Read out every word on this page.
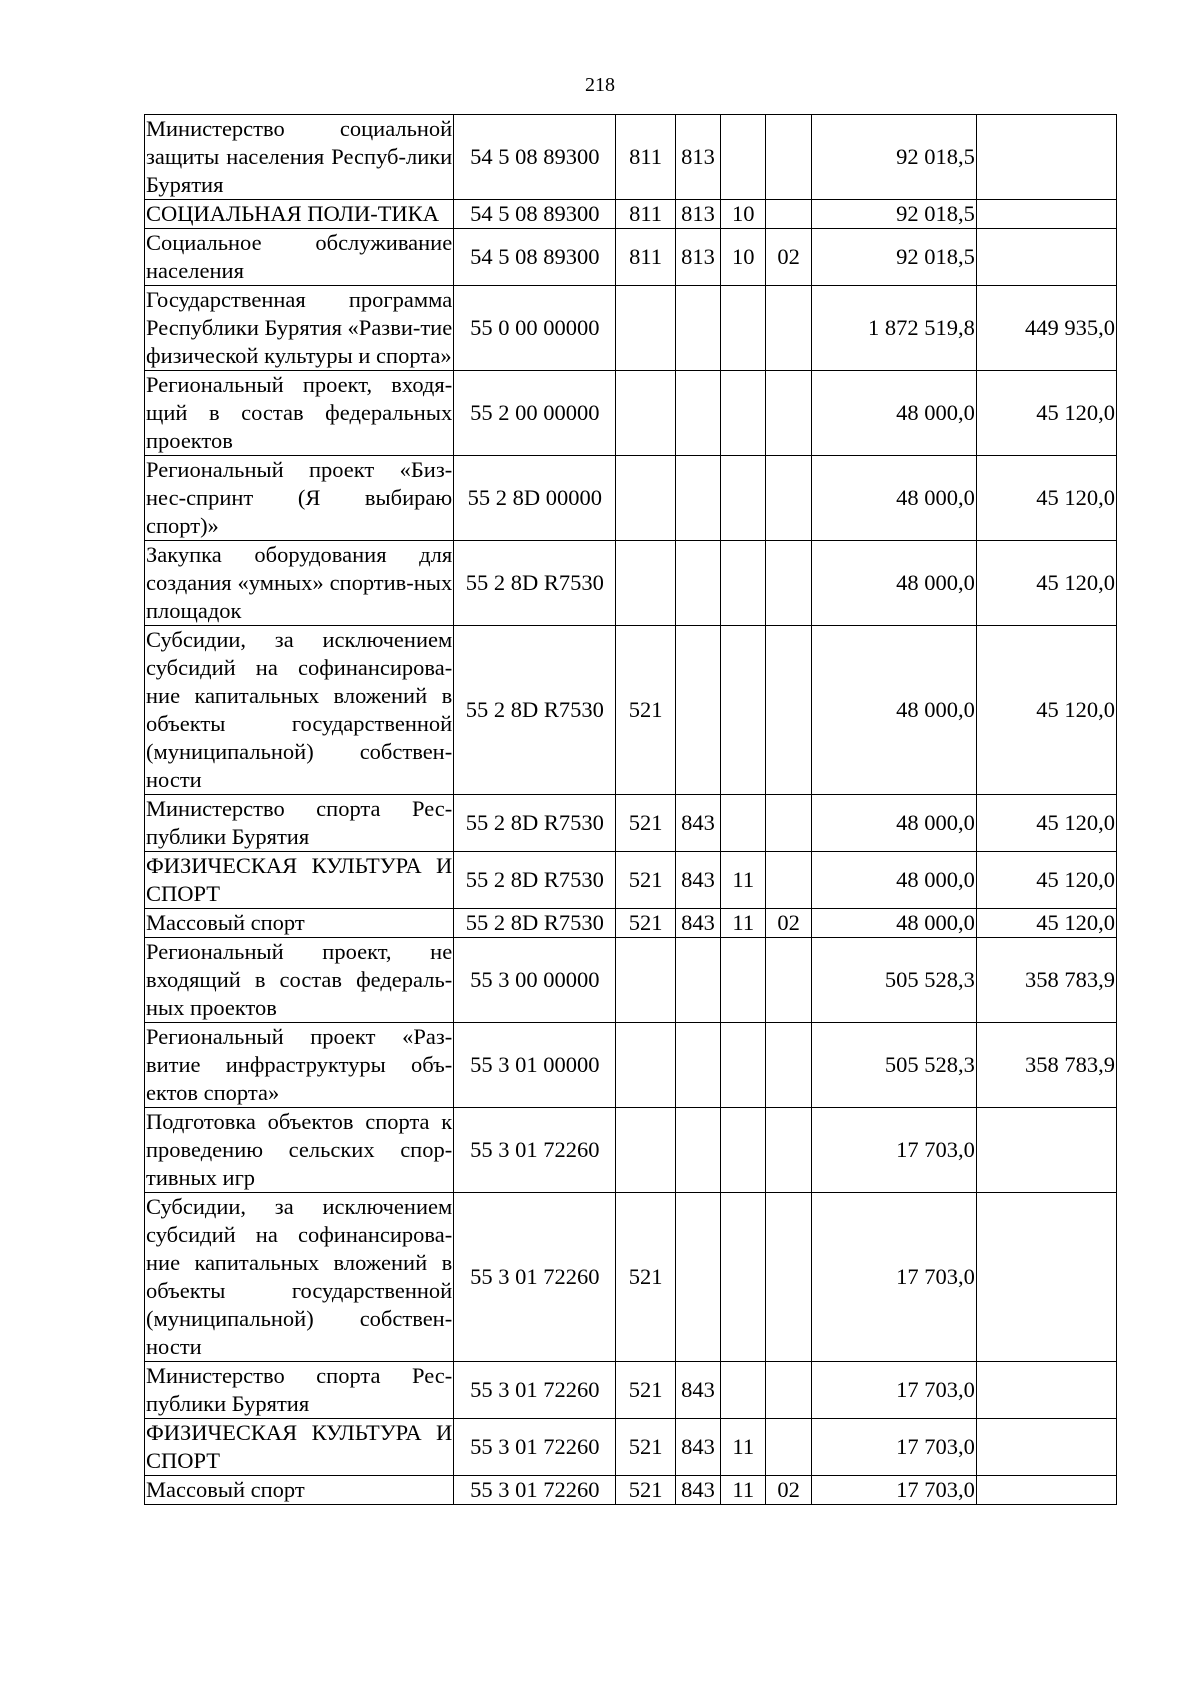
218
Министерство социальной защиты населения Респуб-лики Бурятия	54 5 08 89300	811	813			92 018,5	
СОЦИАЛЬНАЯ ПОЛИ-ТИКА	54 5 08 89300	811	813	10		92 018,5	
Социальное обслуживание населения	54 5 08 89300	811	813	10	02	92 018,5	
Государственная программа Республики Бурятия «Разви-тие физической культуры и спорта»	55 0 00 00000					1 872 519,8	449 935,0
Региональный проект, входя-щий в состав федеральных проектов	55 2 00 00000					48 000,0	45 120,0
Региональный проект «Биз-нес-спринт (Я выбираю спорт)»	55 2 8D 00000					48 000,0	45 120,0
Закупка оборудования для создания «умных» спортив-ных площадок	55 2 8D R7530					48 000,0	45 120,0
Субсидии, за исключением субсидий на софинансирова-ние капитальных вложений в объекты государственной (муниципальной) собствен-ности	55 2 8D R7530	521				48 000,0	45 120,0
Министерство спорта Рес-публики Бурятия	55 2 8D R7530	521	843			48 000,0	45 120,0
ФИЗИЧЕСКАЯ КУЛЬТУРА И СПОРТ	55 2 8D R7530	521	843	11		48 000,0	45 120,0
Массовый спорт	55 2 8D R7530	521	843	11	02	48 000,0	45 120,0
Региональный проект, не входящий в состав федераль-ных проектов	55 3 00 00000					505 528,3	358 783,9
Региональный проект «Раз-витие инфраструктуры объ-ектов спорта»	55 3 01 00000					505 528,3	358 783,9
Подготовка объектов спорта к проведению сельских спор-тивных игр	55 3 01 72260					17 703,0	
Субсидии, за исключением субсидий на софинансирова-ние капитальных вложений в объекты государственной (муниципальной) собствен-ности	55 3 01 72260	521				17 703,0	
Министерство спорта Рес-публики Бурятия	55 3 01 72260	521	843			17 703,0	
ФИЗИЧЕСКАЯ КУЛЬТУРА И СПОРТ	55 3 01 72260	521	843	11		17 703,0	
Массовый спорт	55 3 01 72260	521	843	11	02	17 703,0	
